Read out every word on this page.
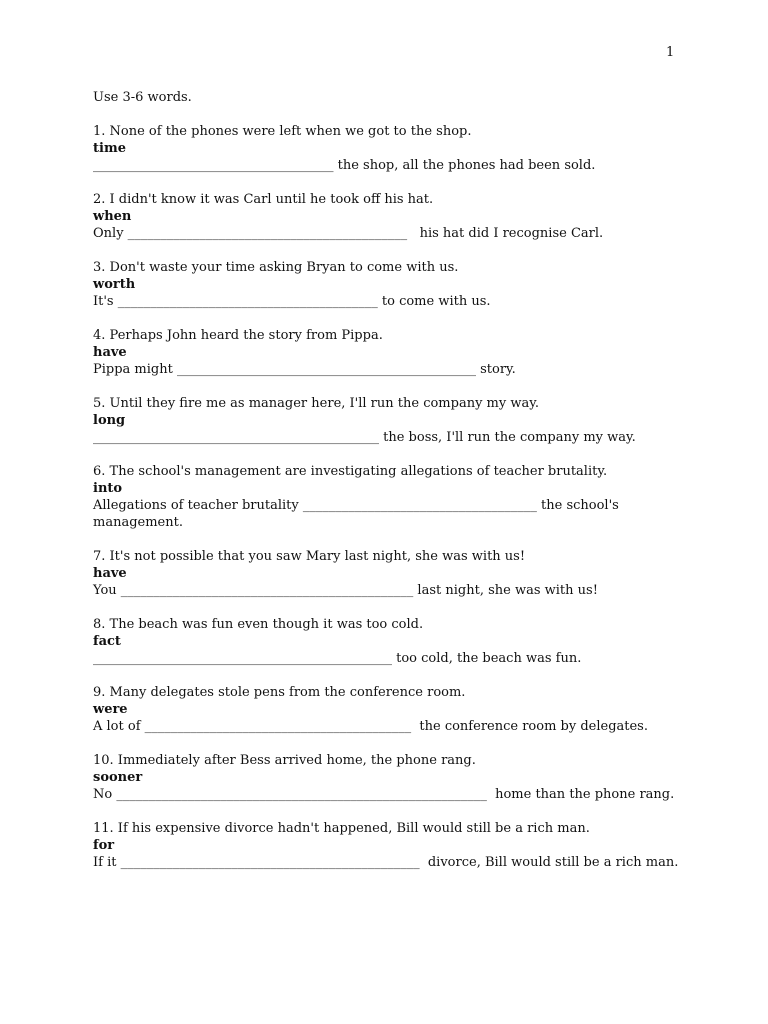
1
Use 3-6 words.
1. None of the phones were left when we got to the shop.
time
_____________________________________ the shop, all the phones had been sold.
2. I didn't know it was Carl until he took off his hat.
when
Only ___________________________________________   his hat did I recognise Carl.
3. Don't waste your time asking Bryan to come with us.
worth
It's ________________________________________ to come with us.
4. Perhaps John heard the story from Pippa.
have
Pippa might ______________________________________________ story.
5. Until they fire me as manager here, I'll run the company my way.
long
____________________________________________ the boss, I'll run the company my way.
6. The school's management are investigating allegations of teacher brutality.
into
Allegations of teacher brutality ____________________________________ the school's management.
7. It's not possible that you saw Mary last night, she was with us!
have
You _____________________________________________ last night, she was with us!
8. The beach was fun even though it was too cold.
fact
______________________________________________ too cold, the beach was fun.
9. Many delegates stole pens from the conference room.
were
A lot of _________________________________________  the conference room by delegates.
10. Immediately after Bess arrived home, the phone rang.
sooner
No _________________________________________________________  home than the phone rang.
11. If his expensive divorce hadn't happened, Bill would still be a rich man.
for
If it ______________________________________________  divorce, Bill would still be a rich man.
